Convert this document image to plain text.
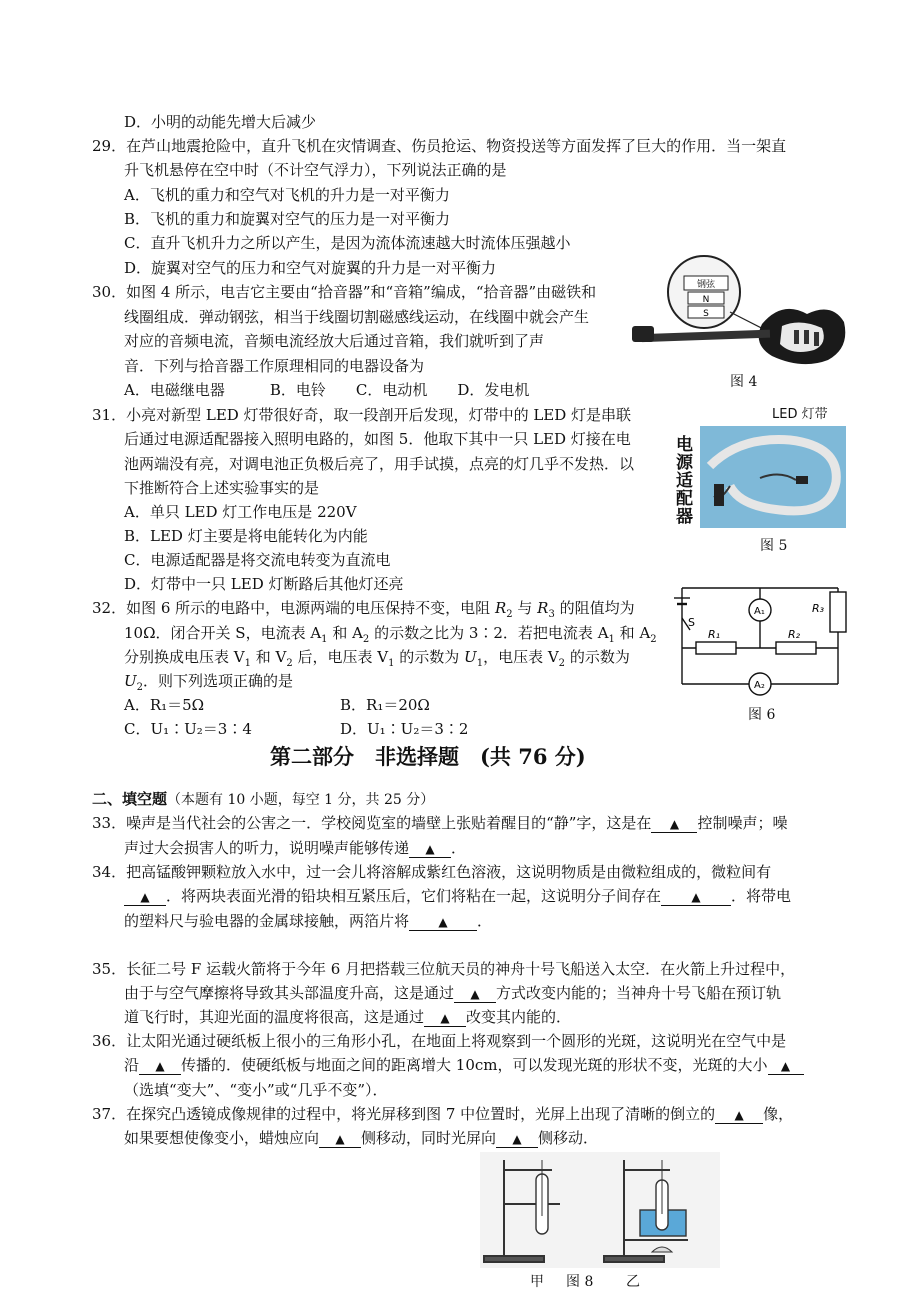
D．小明的动能先增大后减少
29．在芦山地震抢险中，直升飞机在灾情调查、伤员抢运、物资投送等方面发挥了巨大的作用．当一架直
升飞机悬停在空中时（不计空气浮力），下列说法正确的是
A．飞机的重力和空气对飞机的升力是一对平衡力
B．飞机的重力和旋翼对空气的压力是一对平衡力
C．直升飞机升力之所以产生，是因为流体流速越大时流体压强越小
D．旋翼对空气的压力和空气对旋翼的升力是一对平衡力
30．如图 4 所示，电吉它主要由“拾音器”和“音箱”编成，“拾音器”由磁铁和
线圈组成．弹动钢弦，相当于线圈切割磁感线运动，在线圈中就会产生
对应的音频电流，音频电流经放大后通过音箱，我们就听到了声
音．下列与拾音器工作原理相同的电器设备为
A．电磁继电器　　　B．电铃　　C．电动机　　D．发电机
钢弦
N
S
图 4
31．小亮对新型 LED 灯带很好奇，取一段剖开后发现，灯带中的 LED 灯是串联
后通过电源适配器接入照明电路的，如图 5．他取下其中一只 LED 灯接在电
池两端没有亮，对调电池正负极后亮了，用手试摸，点亮的灯几乎不发热．以
下推断符合上述实验事实的是
A．单只 LED 灯工作电压是 220V
B．LED 灯主要是将电能转化为内能
C．电源适配器是将交流电转变为直流电
D．灯带中一只 LED 灯断路后其他灯还亮
LED 灯带
电源适配器
图 5
32．如图 6 所示的电路中，电源两端的电压保持不变，电阻 $R_2$ 与 $R_3$ 的阻值均为
10Ω．闭合开关 S，电流表 $A_1$ 和 $A_2$ 的示数之比为 3∶2．若把电流表 $A_1$ 和 $A_2$
分别换成电压表 $V_1$ 和 $V_2$ 后，电压表 $V_1$ 的示数为 $U_1$，电压表 $V_2$ 的示数为
$U_2$．则下列选项正确的是
A．R₁＝5Ω	B．R₁＝20Ω
C．U₁∶U₂＝3∶4	D．U₁∶U₂＝3∶2
A₁
A₂
S
R₁	R₂
R₃
图 6
第二部分　非选择题　(共 76 分)
二、填空题（本题有 10 小题，每空 1 分，共 25 分）
33．噪声是当代社会的公害之一．学校阅览室的墙壁上张贴着醒目的“静”字，这是在 ▲ 控制噪声；噪
声过大会损害人的听力，说明噪声能够传递 ▲ ．
34．把高锰酸钾颗粒放入水中，过一会儿将溶解成紫红色溶液，这说明物质是由微粒组成的，微粒间有
▲ ．将两块表面光滑的铅块相互紧压后，它们将粘在一起，这说明分子间存在	▲ ．将带电
的塑料尺与验电器的金属球接触，两箔片将 ▲ ．
35．长征二号 F 运载火箭将于今年 6 月把搭载三位航天员的神舟十号飞船送入太空．在火箭上升过程中，
由于与空气摩擦将导致其头部温度升高，这是通过 ▲ 方式改变内能的；当神舟十号飞船在预订轨
道飞行时，其迎光面的温度将很高，这是通过 ▲ 改变其内能的．
36．让太阳光通过硬纸板上很小的三角形小孔，在地面上将观察到一个圆形的光斑，这说明光在空气中是
沿 ▲ 传播的．使硬纸板与地面之间的距离增大 10cm，可以发现光斑的形状不变，光斑的大小 ▲
（选填“变大”、“变小”或“几乎不变”）．
37．在探究凸透镜成像规律的过程中，将光屏移到图 7 中位置时，光屏上出现了清晰的倒立的 ▲ 像，
如果要想使像变小，蜡烛应向 ▲ 侧移动，同时光屏向 ▲ 侧移动．
甲 图 8 乙
